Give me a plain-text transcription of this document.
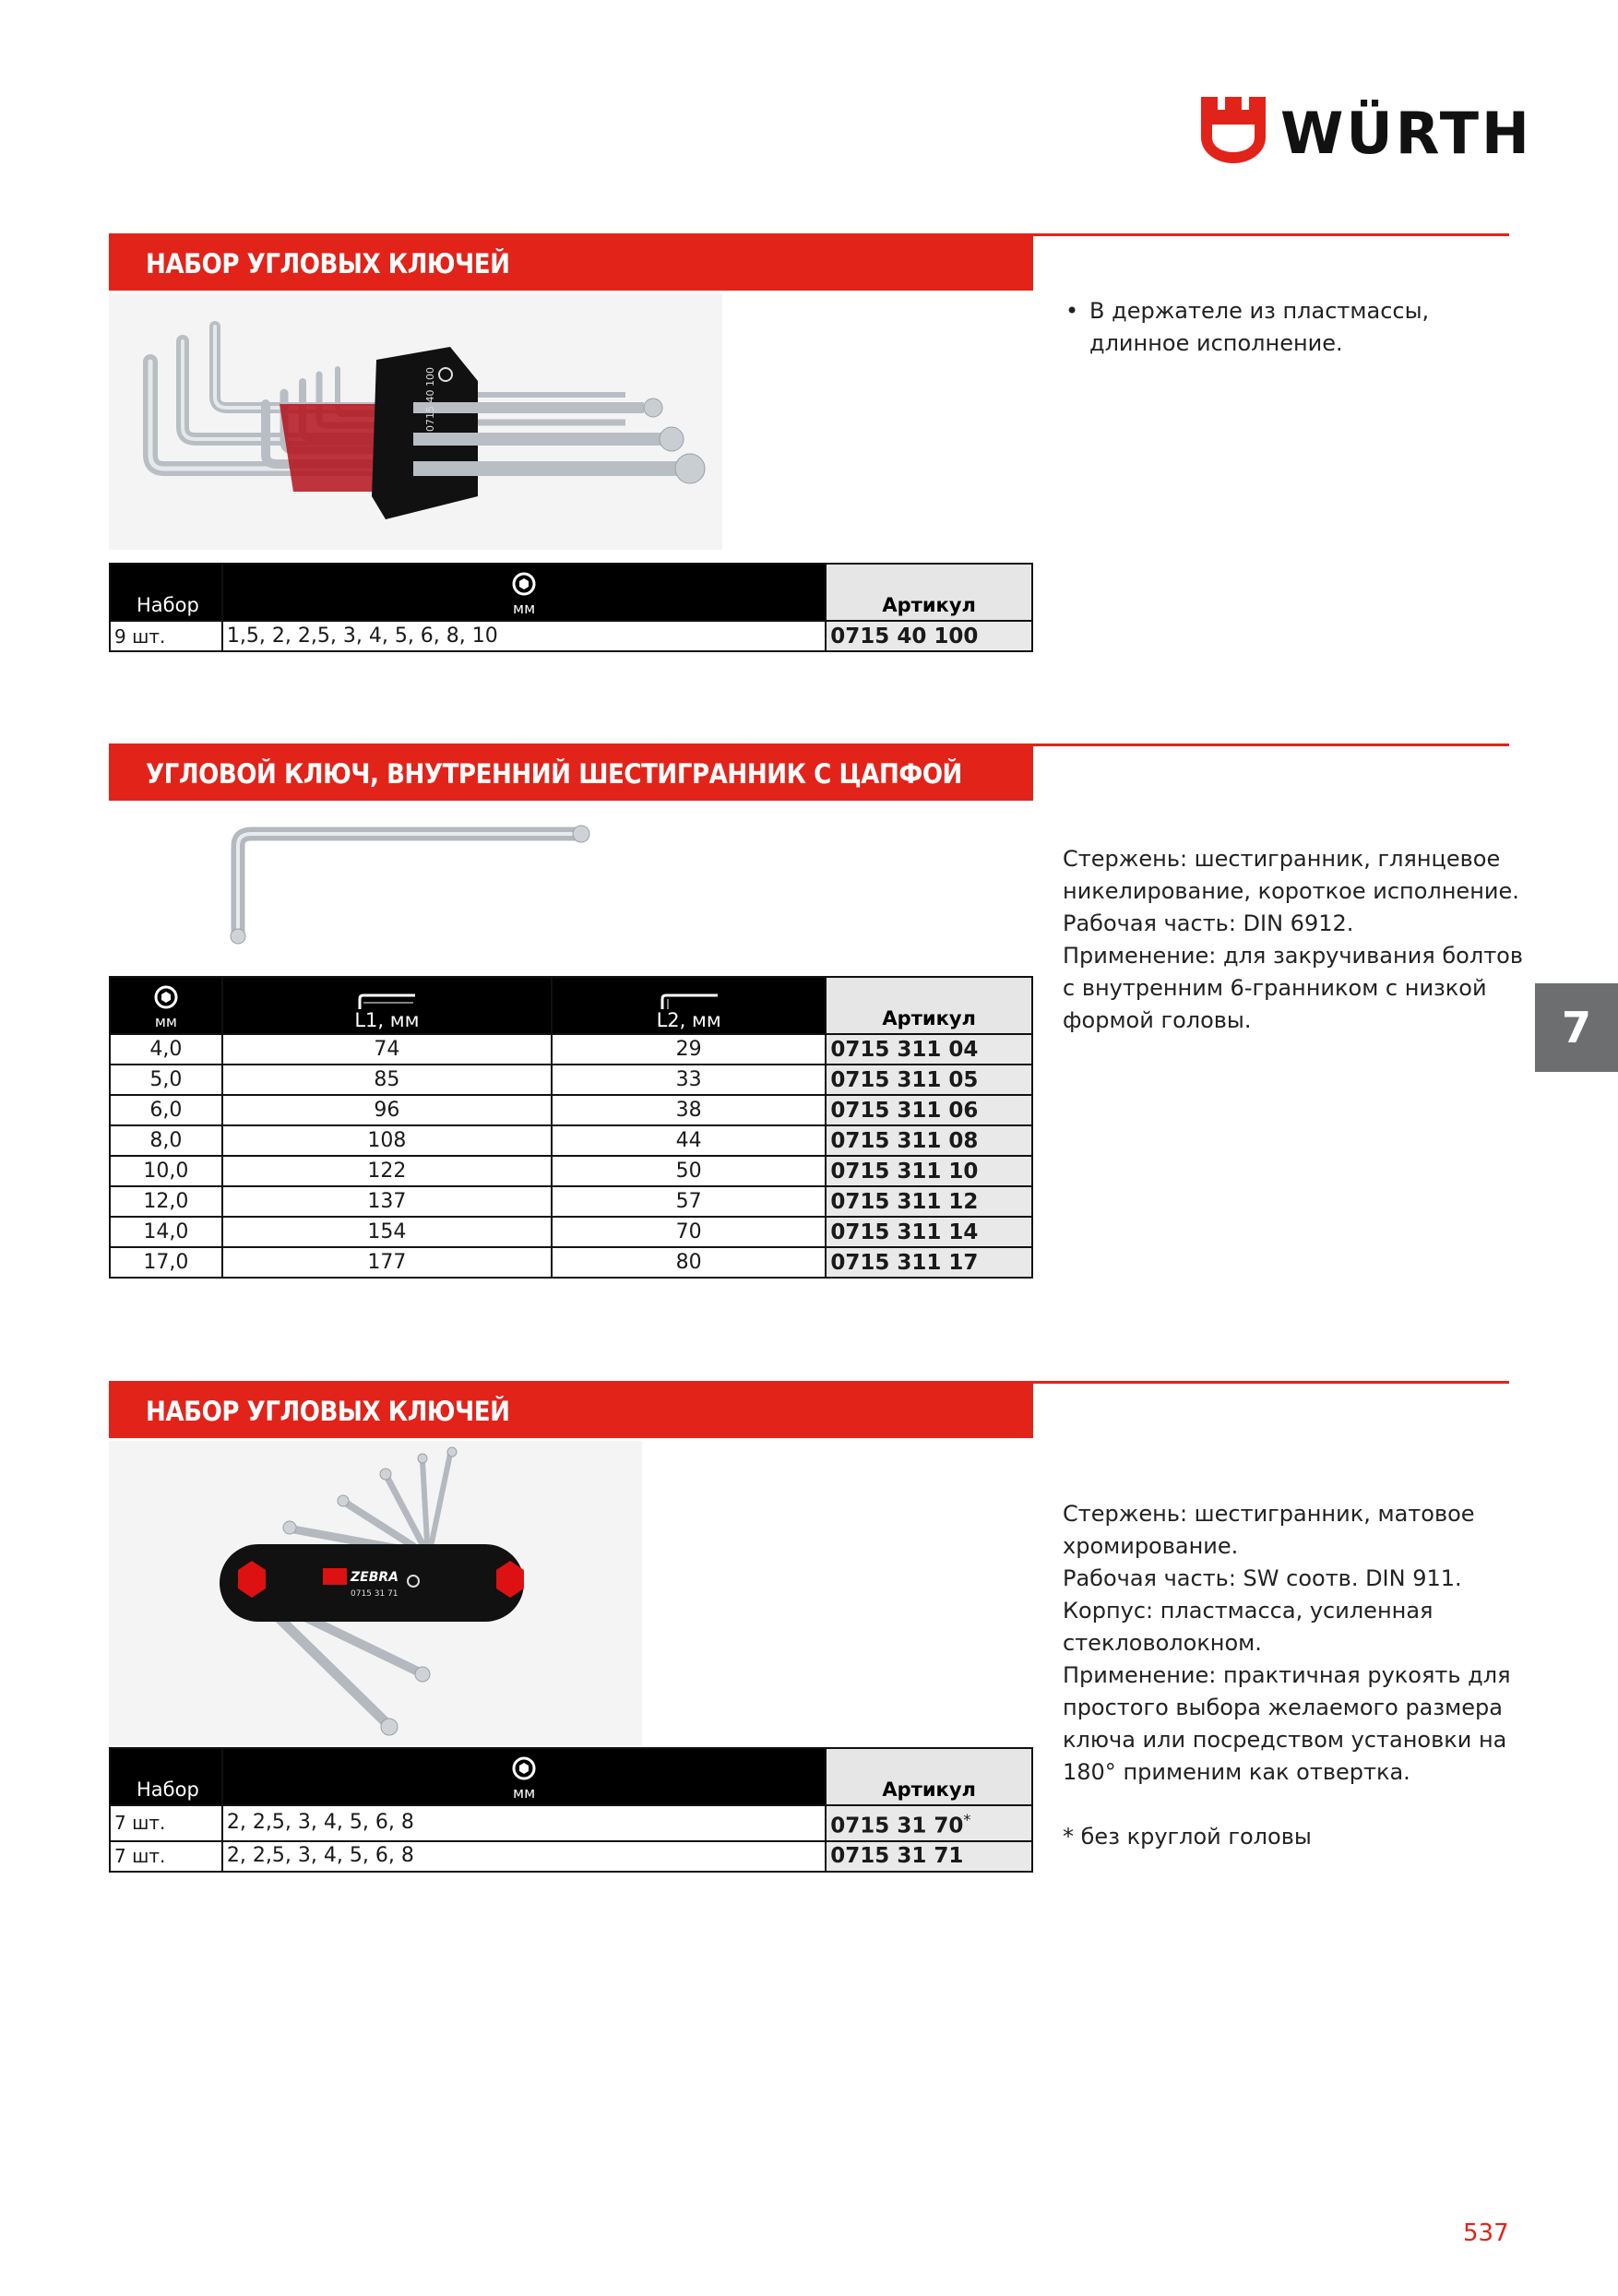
WÜRTH
НАБОР УГЛОВЫХ КЛЮЧЕЙ
0715 40 100
Набор	мм	Артикул
9 шт.	1,5, 2, 2,5, 3, 4, 5, 6, 8, 10	0715 40 100
• В держателе из пластмассы, длинное исполнение.
УГЛОВОЙ КЛЮЧ, ВНУТРЕННИЙ ШЕСТИГРАННИК С ЦАПФОЙ
мм	L1, мм	L2, мм	Артикул
4,0	74	29	0715 311 04
5,0	85	33	0715 311 05
6,0	96	38	0715 311 06
8,0	108	44	0715 311 08
10,0	122	50	0715 311 10
12,0	137	57	0715 311 12
14,0	154	70	0715 311 14
17,0	177	80	0715 311 17
Стержень: шестигранник, глянцевое
никелирование, короткое исполнение.
Рабочая часть: DIN 6912.
Применение: для закручивания болтов
с внутренним 6-гранником с низкой
формой головы.	7
НАБОР УГЛОВЫХ КЛЮЧЕЙ
ZEBRA
0715 31 71
Набор	мм	Артикул
7 шт.	2, 2,5, 3, 4, 5, 6, 8	0715 31 70*
7 шт.	2, 2,5, 3, 4, 5, 6, 8	0715 31 71
Стержень: шестигранник, матовое
хромирование.
Рабочая часть: SW соотв. DIN 911.
Корпус: пластмасса, усиленная
стекловолокном.
Применение: практичная рукоять для
простого выбора желаемого размера
ключа или посредством установки на
180° применим как отвертка.
* без круглой головы
537
